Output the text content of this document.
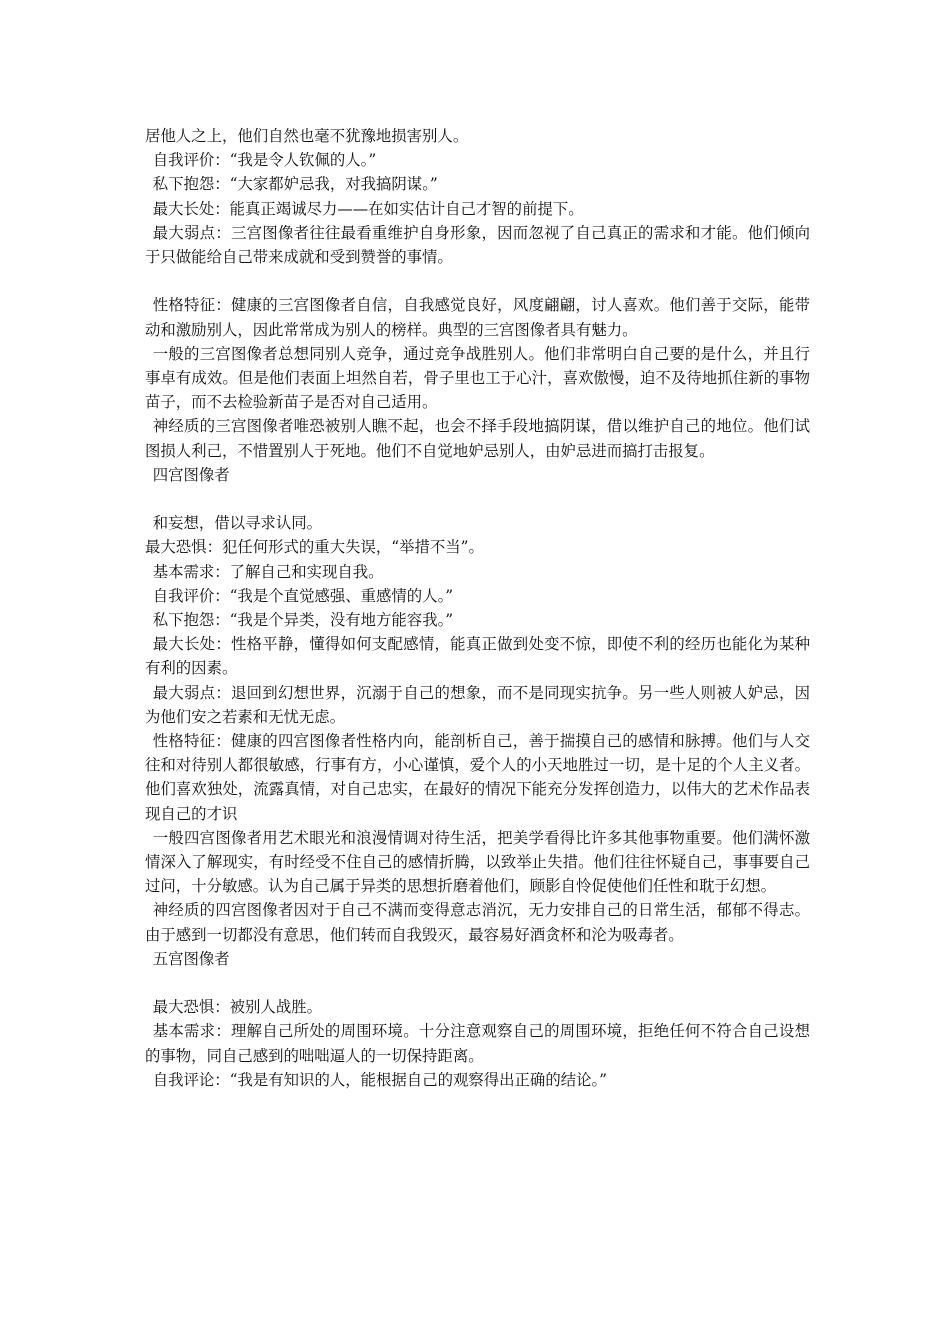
居他人之上，他们自然也毫不犹豫地损害别人。

自我评价：“我是令人钦佩的人。”

私下抱怨：“大家都妒忌我，对我搞阴谋。”

最大长处：能真正竭诚尽力——在如实估计自己才智的前提下。

最大弱点：三宫图像者往往最看重维护自身形象，因而忽视了自己真正的需求和才能。他们倾向于只做能给自己带来成就和受到赞誉的事情。

性格特征：健康的三宫图像者自信，自我感觉良好，风度翩翩，讨人喜欢。他们善于交际，能带动和激励别人，因此常常成为别人的榜样。典型的三宫图像者具有魅力。

一般的三宫图像者总想同别人竞争，通过竞争战胜别人。他们非常明白自己要的是什么，并且行事卓有成效。但是他们表面上坦然自若，骨子里也工于心汁，喜欢傲慢，迫不及待地抓住新的事物苗子，而不去检验新苗子是否对自己适用。

神经质的三宫图像者唯恐被别人瞧不起，也会不择手段地搞阴谋，借以维护自己的地位。他们试图损人利己，不惜置别人于死地。他们不自觉地妒忌别人，由妒忌进而搞打击报复。

四宫图像者

和妄想，借以寻求认同。

最大恐惧：犯任何形式的重大失误，“举措不当”。

基本需求：了解自己和实现自我。

自我评价：“我是个直觉感强、重感情的人。”

私下抱怨：“我是个异类，没有地方能容我。”

最大长处：性格平静，懂得如何支配感情，能真正做到处变不惊，即使不利的经历也能化为某种有利的因素。

最大弱点：退回到幻想世界，沉溺于自己的想象，而不是同现实抗争。另一些人则被人妒忌，因为他们安之若素和无忧无虑。

性格特征：健康的四宫图像者性格内向，能剖析自己，善于揣摸自己的感情和脉搏。他们与人交往和对待别人都很敏感，行事有方，小心谨慎，爱个人的小天地胜过一切，是十足的个人主义者。他们喜欢独处，流露真情，对自己忠实，在最好的情况下能充分发挥创造力，以伟大的艺术作品表现自己的才识

一般四宫图像者用艺术眼光和浪漫情调对待生活，把美学看得比许多其他事物重要。他们满怀激情深入了解现实，有时经受不住自己的感情折腾，以致举止失措。他们往往怀疑自己，事事要自己过问，十分敏感。认为自己属于异类的思想折磨着他们，顾影自怜促使他们任性和耽于幻想。

神经质的四宫图像者因对于自己不满而变得意志消沉，无力安排自己的日常生活，郁郁不得志。由于感到一切都没有意思，他们转而自我毁灭，最容易好酒贪杯和沦为吸毒者。

五宫图像者

最大恐惧：被别人战胜。

基本需求：理解自己所处的周围环境。十分注意观察自己的周围环境，拒绝任何不符合自己设想的事物，同自己感到的咄咄逼人的一切保持距离。

自我评论：“我是有知识的人，能根据自己的观察得出正确的结论。”
